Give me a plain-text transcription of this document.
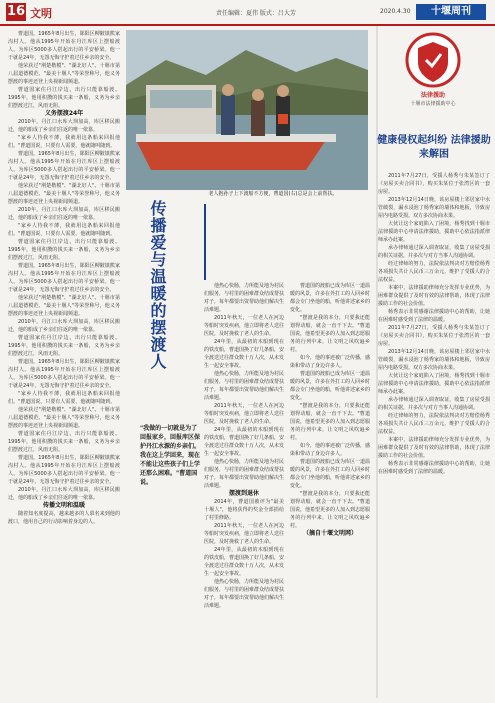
16 文明	责任编辑：夏伟 版式：吕大芳	2020.4.30	十堰周刊

曹道国，1965年8月出生，郧阳区柳陂镇熊家沟村人。他从1995年开始在丹江库区上摆船渡人，为库区5000多人搭起出行的平安桥梁。他一干就是24年，无怨无悔守护着过往乡亲的安全。

他荣获过"荆楚楷模"、"湖北好人"、十堰市第八届道德模范、"最美十堰人"等荣誉称号，他义务摆渡的事迹还登上央视新闻频道。

曹道国家住丹江岸边，出行只能靠船渡。1995年，他用积攒的钱买来一条船，义务为乡亲们摆渡过江，风雨无阻。

义务摆渡24年

2010年，丹江口水库大坝加高，库区移民搬迁，他的船成了乡亲们往返的唯一依靠。

"家乡人待我不薄，我就用这条船来回报他们。"曹道国说，只要有人需要，他就随叫随到。

曹道国，1965年8月出生，郧阳区柳陂镇熊家沟村人。他从1995年开始在丹江库区上摆船渡人，为库区5000多人搭起出行的平安桥梁。他一干就是24年，无怨无悔守护着过往乡亲的安全。

他荣获过"荆楚楷模"、"湖北好人"、十堰市第八届道德模范、"最美十堰人"等荣誉称号，他义务摆渡的事迹还登上央视新闻频道。

2010年，丹江口水库大坝加高，库区移民搬迁，他的船成了乡亲们往返的唯一依靠。

"家乡人待我不薄，我就用这条船来回报他们。"曹道国说，只要有人需要，他就随叫随到。

曹道国家住丹江岸边，出行只能靠船渡。1995年，他用积攒的钱买来一条船，义务为乡亲们摆渡过江，风雨无阻。

曹道国，1965年8月出生，郧阳区柳陂镇熊家沟村人。他从1995年开始在丹江库区上摆船渡人，为库区5000多人搭起出行的平安桥梁。他一干就是24年，无怨无悔守护着过往乡亲的安全。

他荣获过"荆楚楷模"、"湖北好人"、十堰市第八届道德模范、"最美十堰人"等荣誉称号，他义务摆渡的事迹还登上央视新闻频道。

2010年，丹江口水库大坝加高，库区移民搬迁，他的船成了乡亲们往返的唯一依靠。

曹道国家住丹江岸边，出行只能靠船渡。1995年，他用积攒的钱买来一条船，义务为乡亲们摆渡过江，风雨无阻。

曹道国，1965年8月出生，郧阳区柳陂镇熊家沟村人。他从1995年开始在丹江库区上摆船渡人，为库区5000多人搭起出行的平安桥梁。他一干就是24年，无怨无悔守护着过往乡亲的安全。

"家乡人待我不薄，我就用这条船来回报他们。"曹道国说，只要有人需要，他就随叫随到。

他荣获过"荆楚楷模"、"湖北好人"、十堰市第八届道德模范、"最美十堰人"等荣誉称号，他义务摆渡的事迹还登上央视新闻频道。

曹道国家住丹江岸边，出行只能靠船渡。1995年，他用积攒的钱买来一条船，义务为乡亲们摆渡过江，风雨无阻。

曹道国，1965年8月出生，郧阳区柳陂镇熊家沟村人。他从1995年开始在丹江库区上摆船渡人，为库区5000多人搭起出行的平安桥梁。他一干就是24年，无怨无悔守护着过往乡亲的安全。

2010年，丹江口水库大坝加高，库区移民搬迁，他的船成了乡亲们往返的唯一依靠。

传播文明和温暖

随着知名度提高，越来越多的人慕名来到他的渡口，他用自己的行动影响着身边的人。

老人抱孙子上下渡船不方便，曹道国(右)总是会上前帮扶。
传播爱与温暖的摆渡人
"我做的一切就是为了回报家乡，回报库区保护丹江水源的乡亲们。我在这上学回来，现在不能让这些孩子们上学还那么困难。"曹道国说。

他热心快肠，力所能及地为村民们服务，与村里的困难群众结成帮扶对子，每年都要出资帮助他们解决生活难题。

2011年秋天，一位老人在河边等船时突发疾病，他立即将老人送往医院，及时挽救了老人的生命。

24年里，从最初的木船到现在的铁皮船，曹道国换了好几条船，安全渡送过往群众数十万人次，从未发生一起安全事故。

他热心快肠，力所能及地为村民们服务，与村里的困难群众结成帮扶对子，每年都要出资帮助他们解决生活难题。

2011年秋天，一位老人在河边等船时突发疾病，他立即将老人送往医院，及时挽救了老人的生命。

24年里，从最初的木船到现在的铁皮船，曹道国换了好几条船，安全渡送过往群众数十万人次，从未发生一起安全事故。

他热心快肠，力所能及地为村民们服务，与村里的困难群众结成帮扶对子，每年都要出资帮助他们解决生活难题。

摆渡到退休

2014年，曹道国被评为"最美十堰人"，他将获得的奖金全部捐给了村里修路。

2011年秋天，一位老人在河边等船时突发疾病，他立即将老人送往医院，及时挽救了老人的生命。

24年里，从最初的木船到现在的铁皮船，曹道国换了好几条船，安全渡送过往群众数十万人次，从未发生一起安全事故。

他热心快肠，力所能及地为村民们服务，与村里的困难群众结成帮扶对子，每年都要出资帮助他们解决生活难题。

曹道国的渡船已成为库区一道温暖的风景，许多在外打工的人回乡时都会专门坐他的船，听他讲述家乡的变化。

"摆渡是我的本分，只要我还能划得动船，就会一直干下去。"曹道国说，他希望更多的人加入到志愿服务的行列中来，让文明之风吹遍乡村。

如今，他的事迹被广泛传播，感染和带动了身边许多人。

曹道国的渡船已成为库区一道温暖的风景，许多在外打工的人回乡时都会专门坐他的船，听他讲述家乡的变化。

"摆渡是我的本分，只要我还能划得动船，就会一直干下去。"曹道国说，他希望更多的人加入到志愿服务的行列中来，让文明之风吹遍乡村。

如今，他的事迹被广泛传播，感染和带动了身边许多人。

曹道国的渡船已成为库区一道温暖的风景，许多在外打工的人回乡时都会专门坐他的船，听他讲述家乡的变化。

"摆渡是我的本分，只要我还能划得动船，就会一直干下去。"曹道国说，他希望更多的人加入到志愿服务的行列中来，让文明之风吹遍乡村。

（摘自十堰文明网）

法律援助
十堰市法律援助中心
健康侵权起纠纷 法律援助来解困

2011年7月27日，受援人杨秀与朱某签订了《房屋买卖合同书》，购买朱某位于张湾区的一套房屋。

2013年12月14日晚，该房屋楼上邻居家中水管破裂，漏水浸泡了杨秀家的墙体和地板，导致房屋内电路受损。双方多次协商未果。

大伙让这个家庭陷入了困境，杨秀找到十堰市法律援助中心申请法律援助，援助中心依法指派律师承办此案。

承办律师通过深入调查取证，收集了房屋受损的相关证据，并多次与对方当事人沟通协调。

经过律师的努力，法院依法判决对方赔偿杨秀各项损失共计人民币三万余元，维护了受援人的合法权益。

本案中，法律援助律师充分发挥专业优势，为困难群众提供了及时有效的法律帮助，体现了法律援助工作的社会价值。

杨秀表示非常感谢法律援助中心的帮助，让她在困难时感受到了法律的温暖。

2011年7月27日，受援人杨秀与朱某签订了《房屋买卖合同书》，购买朱某位于张湾区的一套房屋。

2013年12月14日晚，该房屋楼上邻居家中水管破裂，漏水浸泡了杨秀家的墙体和地板，导致房屋内电路受损。双方多次协商未果。

大伙让这个家庭陷入了困境，杨秀找到十堰市法律援助中心申请法律援助，援助中心依法指派律师承办此案。

承办律师通过深入调查取证，收集了房屋受损的相关证据，并多次与对方当事人沟通协调。

经过律师的努力，法院依法判决对方赔偿杨秀各项损失共计人民币三万余元，维护了受援人的合法权益。

本案中，法律援助律师充分发挥专业优势，为困难群众提供了及时有效的法律帮助，体现了法律援助工作的社会价值。

杨秀表示非常感谢法律援助中心的帮助，让她在困难时感受到了法律的温暖。
